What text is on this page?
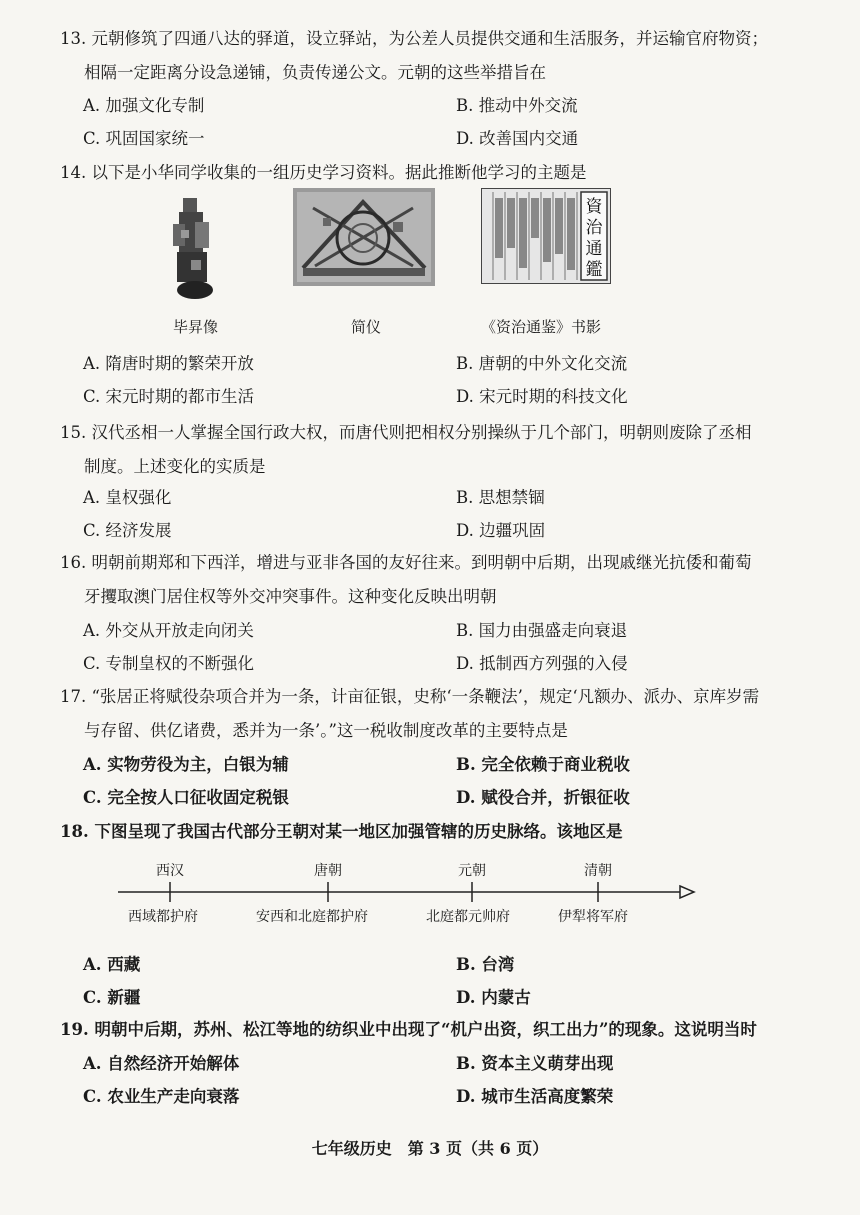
13. 元朝修筑了四通八达的驿道，设立驿站，为公差人员提供交通和生活服务，并运输官府物资；
相隔一定距离分设急递铺，负责传递公文。元朝的这些举措旨在
A. 加强文化专制	B. 推动中外交流
C. 巩固国家统一	D. 改善国内交通
14. 以下是小华同学收集的一组历史学习资料。据此推断他学习的主题是
資
治
通
鑑
毕昇像	简仪	《资治通鉴》书影
A. 隋唐时期的繁荣开放	B. 唐朝的中外文化交流
C. 宋元时期的都市生活	D. 宋元时期的科技文化
15. 汉代丞相一人掌握全国行政大权，而唐代则把相权分别操纵于几个部门，明朝则废除了丞相
制度。上述变化的实质是
A. 皇权强化	B. 思想禁锢
C. 经济发展	D. 边疆巩固
16. 明朝前期郑和下西洋，增进与亚非各国的友好往来。到明朝中后期，出现戚继光抗倭和葡萄
牙攫取澳门居住权等外交冲突事件。这种变化反映出明朝
A. 外交从开放走向闭关	B. 国力由强盛走向衰退
C. 专制皇权的不断强化	D. 抵制西方列强的入侵
17. “张居正将赋役杂项合并为一条，计亩征银，史称‘一条鞭法’，规定‘凡额办、派办、京库岁需
与存留、供亿诸费，悉并为一条’。”这一税收制度改革的主要特点是
A. 实物劳役为主，白银为辅	B. 完全依赖于商业税收
C. 完全按人口征收固定税银	D. 赋役合并，折银征收
18. 下图呈现了我国古代部分王朝对某一地区加强管辖的历史脉络。该地区是
西汉	唐朝	元朝	清朝
西域都护府	安西和北庭都护府	北庭都元帅府	伊犁将军府
A. 西藏	B. 台湾
C. 新疆	D. 内蒙古
19. 明朝中后期，苏州、松江等地的纺织业中出现了“机户出资，织工出力”的现象。这说明当时
A. 自然经济开始解体	B. 资本主义萌芽出现
C. 农业生产走向衰落	D. 城市生活高度繁荣
七年级历史　第 3 页（共 6 页）
